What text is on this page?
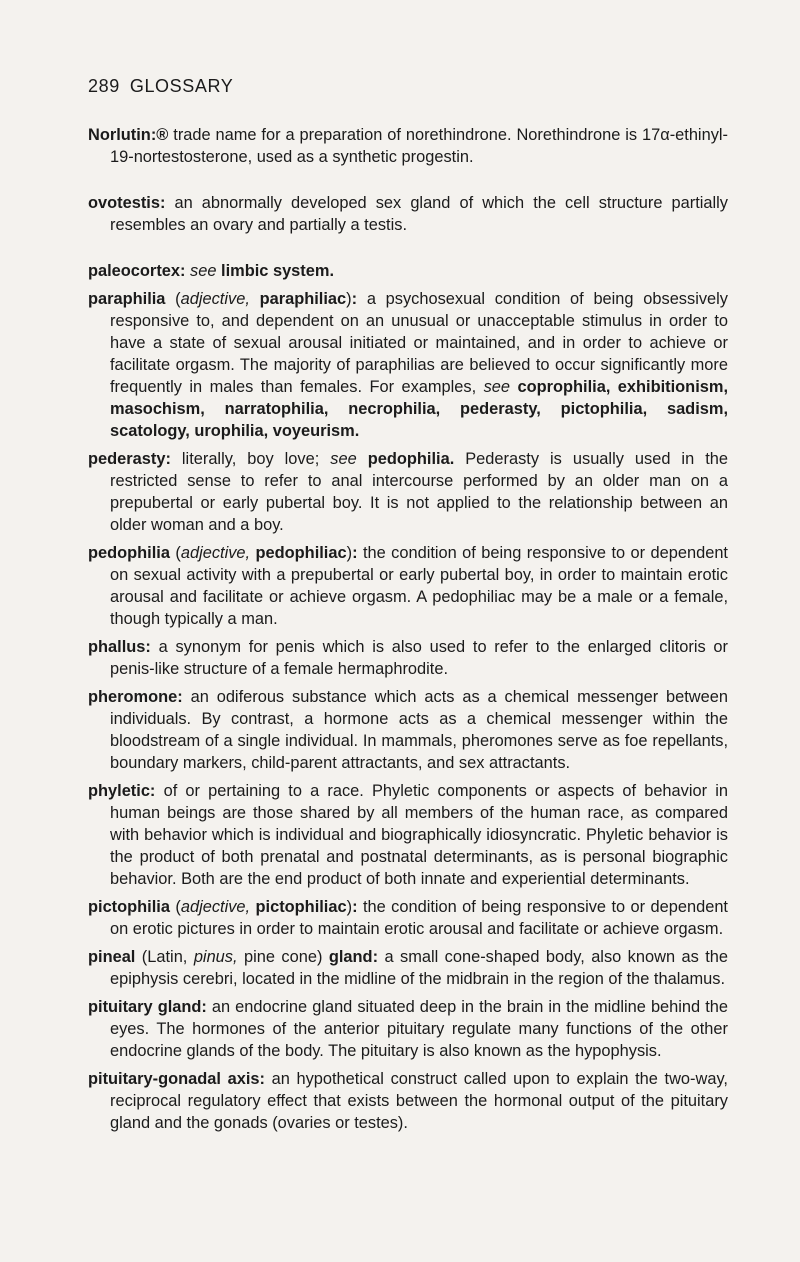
289 GLOSSARY

Norlutin:® trade name for a preparation of norethindrone. Norethindrone is 17α-ethinyl-19-nortestosterone, used as a synthetic progestin.

ovotestis: an abnormally developed sex gland of which the cell structure partially resembles an ovary and partially a testis.

paleocortex: see limbic system.

paraphilia (adjective, paraphiliac): a psychosexual condition of being obsessively responsive to, and dependent on an unusual or unacceptable stimulus in order to have a state of sexual arousal initiated or maintained, and in order to achieve or facilitate orgasm. The majority of paraphilias are believed to occur significantly more frequently in males than females. For examples, see coprophilia, exhibitionism, masochism, narratophilia, necrophilia, pederasty, pictophilia, sadism, scatology, urophilia, voyeurism.

pederasty: literally, boy love; see pedophilia. Pederasty is usually used in the restricted sense to refer to anal intercourse performed by an older man on a prepubertal or early pubertal boy. It is not applied to the relationship between an older woman and a boy.

pedophilia (adjective, pedophiliac): the condition of being responsive to or dependent on sexual activity with a prepubertal or early pubertal boy, in order to maintain erotic arousal and facilitate or achieve orgasm. A pedophiliac may be a male or a female, though typically a man.

phallus: a synonym for penis which is also used to refer to the enlarged clitoris or penis-like structure of a female hermaphrodite.

pheromone: an odiferous substance which acts as a chemical messenger between individuals. By contrast, a hormone acts as a chemical messenger within the bloodstream of a single individual. In mammals, pheromones serve as foe repellants, boundary markers, child-parent attractants, and sex attractants.

phyletic: of or pertaining to a race. Phyletic components or aspects of behavior in human beings are those shared by all members of the human race, as compared with behavior which is individual and biographically idiosyncratic. Phyletic behavior is the product of both prenatal and postnatal determinants, as is personal biographic behavior. Both are the end product of both innate and experiential determinants.

pictophilia (adjective, pictophiliac): the condition of being responsive to or dependent on erotic pictures in order to maintain erotic arousal and facilitate or achieve orgasm.

pineal (Latin, pinus, pine cone) gland: a small cone-shaped body, also known as the epiphysis cerebri, located in the midline of the midbrain in the region of the thalamus.

pituitary gland: an endocrine gland situated deep in the brain in the midline behind the eyes. The hormones of the anterior pituitary regulate many functions of the other endocrine glands of the body. The pituitary is also known as the hypophysis.

pituitary-gonadal axis: an hypothetical construct called upon to explain the two-way, reciprocal regulatory effect that exists between the hormonal output of the pituitary gland and the gonads (ovaries or testes).
